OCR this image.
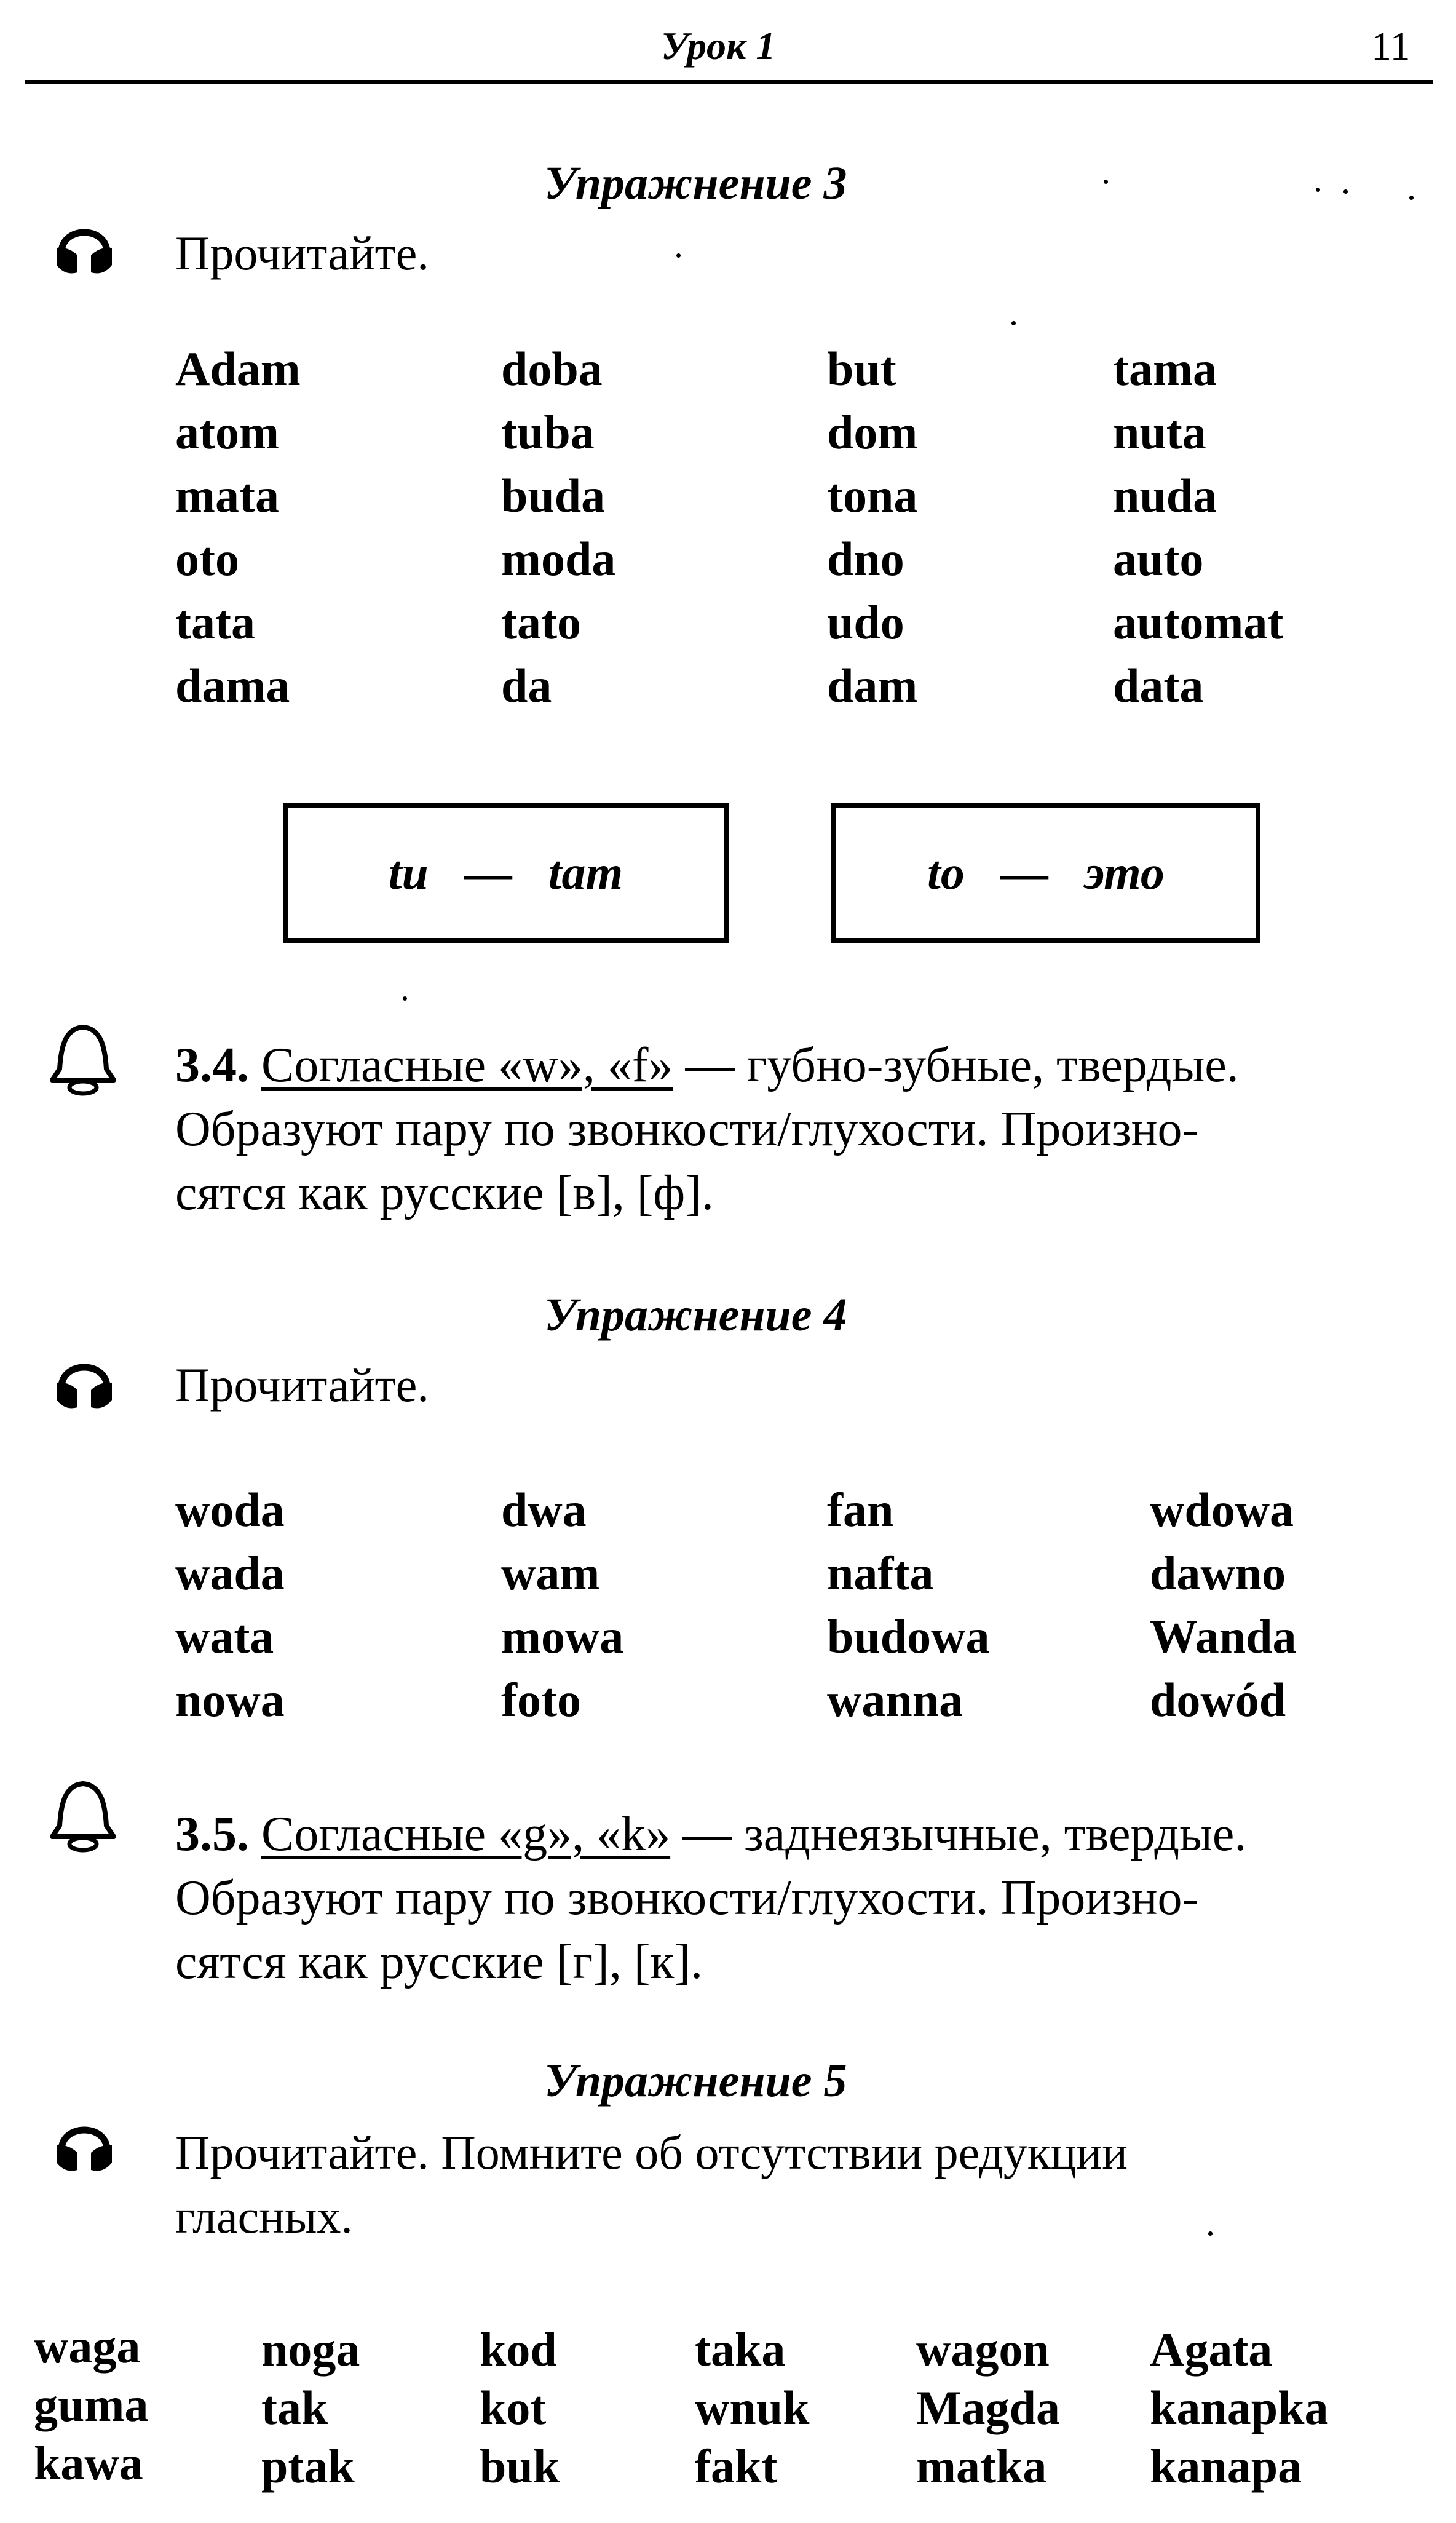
Урок 1	11
Упражнение 3
Прочитайте.
Adam
atom
mata
oto
tata
dama
doba
tuba
buda
moda
tato
da
but
dom
tona
dno
udo
dam
tama
nuta
nuda
auto
automat
data
tu   —   tam	to   —   это
3.4. Согласные «w», «f» — губно-зубные, твердые.
Образуют пару по звонкости/глухости. Произно-
сятся как русские [в], [ф].
Упражнение 4
Прочитайте.
woda
wada
wata
nowa
dwa
wam
mowa
foto
fan
nafta
budowa
wanna
wdowa
dawno
Wanda
dowód
3.5. Согласные «g», «k» — заднеязычные, твердые.
Образуют пару по звонкости/глухости. Произно-
сятся как русские [г], [к].
Упражнение 5
Прочитайте. Помните об отсутствии редукции
гласных.
waga
guma
kawa
noga
tak
ptak
kod
kot
buk
taka
wnuk
fakt
wagon
Magda
matka
Agata
kanapka
kanapa
